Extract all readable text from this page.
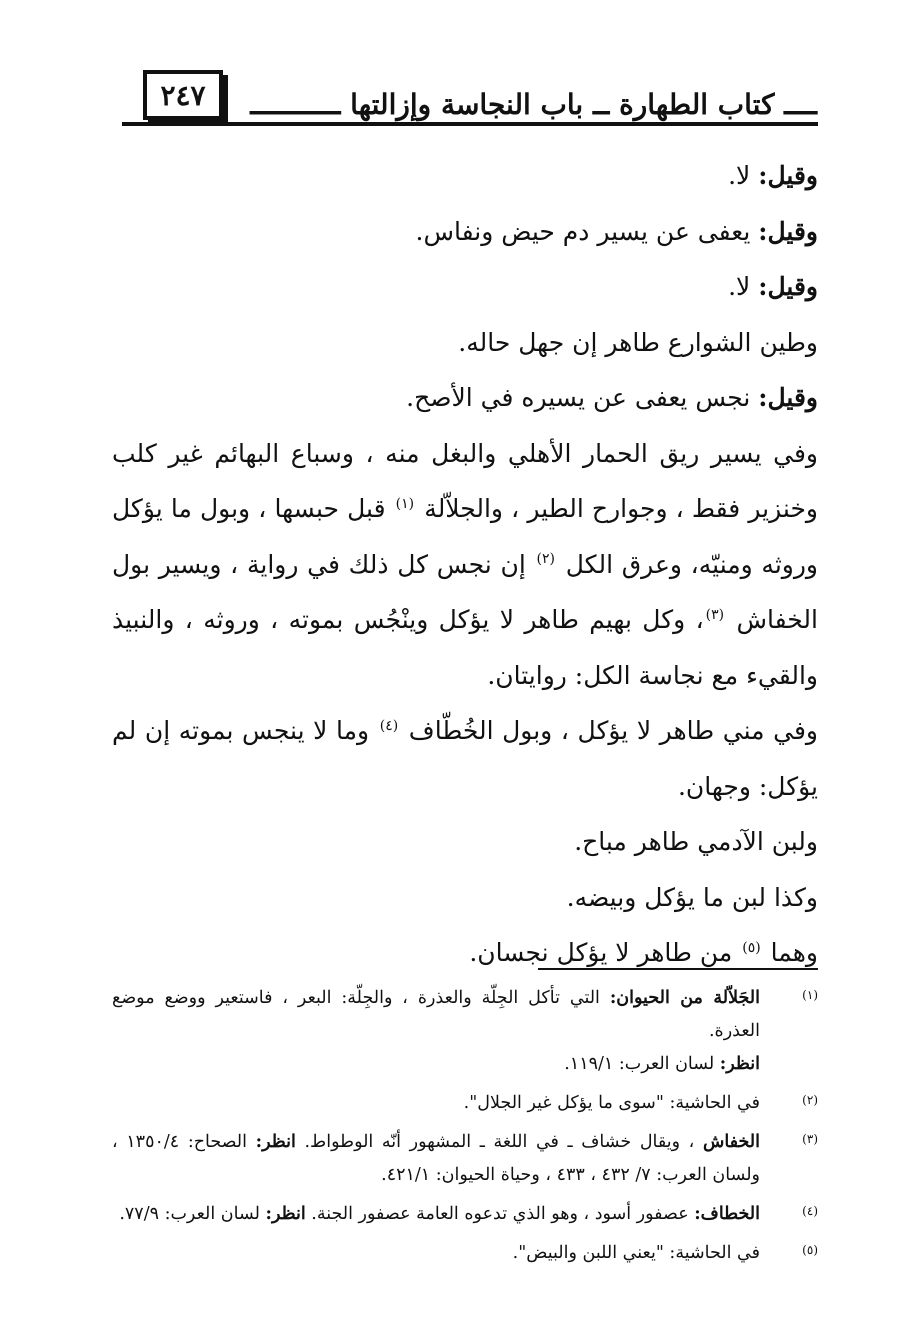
٢٤٧ ــــ كتاب الطهارة ــ باب النجاسة وإزالتها ـــــــــــ

وقيل: لا.

وقيل: يعفى عن يسير دم حيض ونفاس.

وقيل: لا.

وطين الشوارع طاهر إن جهل حاله.

وقيل: نجس يعفى عن يسيره في الأصح.

وفي يسير ريق الحمار الأهلي والبغل منه ، وسباع البهائم غير كلب وخنزير فقط ، وجوارح الطير ، والجلاّلة $^{(١)}$ قبل حبسها ، وبول ما يؤكل وروثه ومنيّه، وعرق الكل $^{(٢)}$ إن نجس كل ذلك في رواية ، ويسير بول الخفاش $^{(٣)}$، وكل بهيم طاهر لا يؤكل وينْجُس بموته ، وروثه ، والنبيذ والقيء مع نجاسة الكل: روايتان.

وفي مني طاهر لا يؤكل ، وبول الخُطّاف $^{(٤)}$ وما لا ينجس بموته إن لم يؤكل: وجهان.

ولبن الآدمي طاهر مباح.

وكذا لبن ما يؤكل وبيضه.

وهما $^{(٥)}$ من طاهر لا يؤكل نجسان.

(١)
الجَلاّلة من الحيوان: التي تأكل الجِلّة والعذرة ، والجِلّة: البعر ، فاستعير ووضع موضع العذرة.
انظر: لسان العرب: ١١٩/١.
(٢)
في الحاشية: "سوى ما يؤكل غير الجلال".
(٣)
الخفاش ، ويقال خشاف ـ في اللغة ـ المشهور أنّه الوطواط. انظر: الصحاح: ١٣٥٠/٤ ، ولسان العرب: ٧/ ٤٣٢ ، ٤٣٣ ، وحياة الحيوان: ٤٢١/١.
(٤)
الخطاف: عصفور أسود ، وهو الذي تدعوه العامة عصفور الجنة. انظر: لسان العرب: ٧٧/٩.
(٥)
في الحاشية: "يعني اللبن والبيض".
